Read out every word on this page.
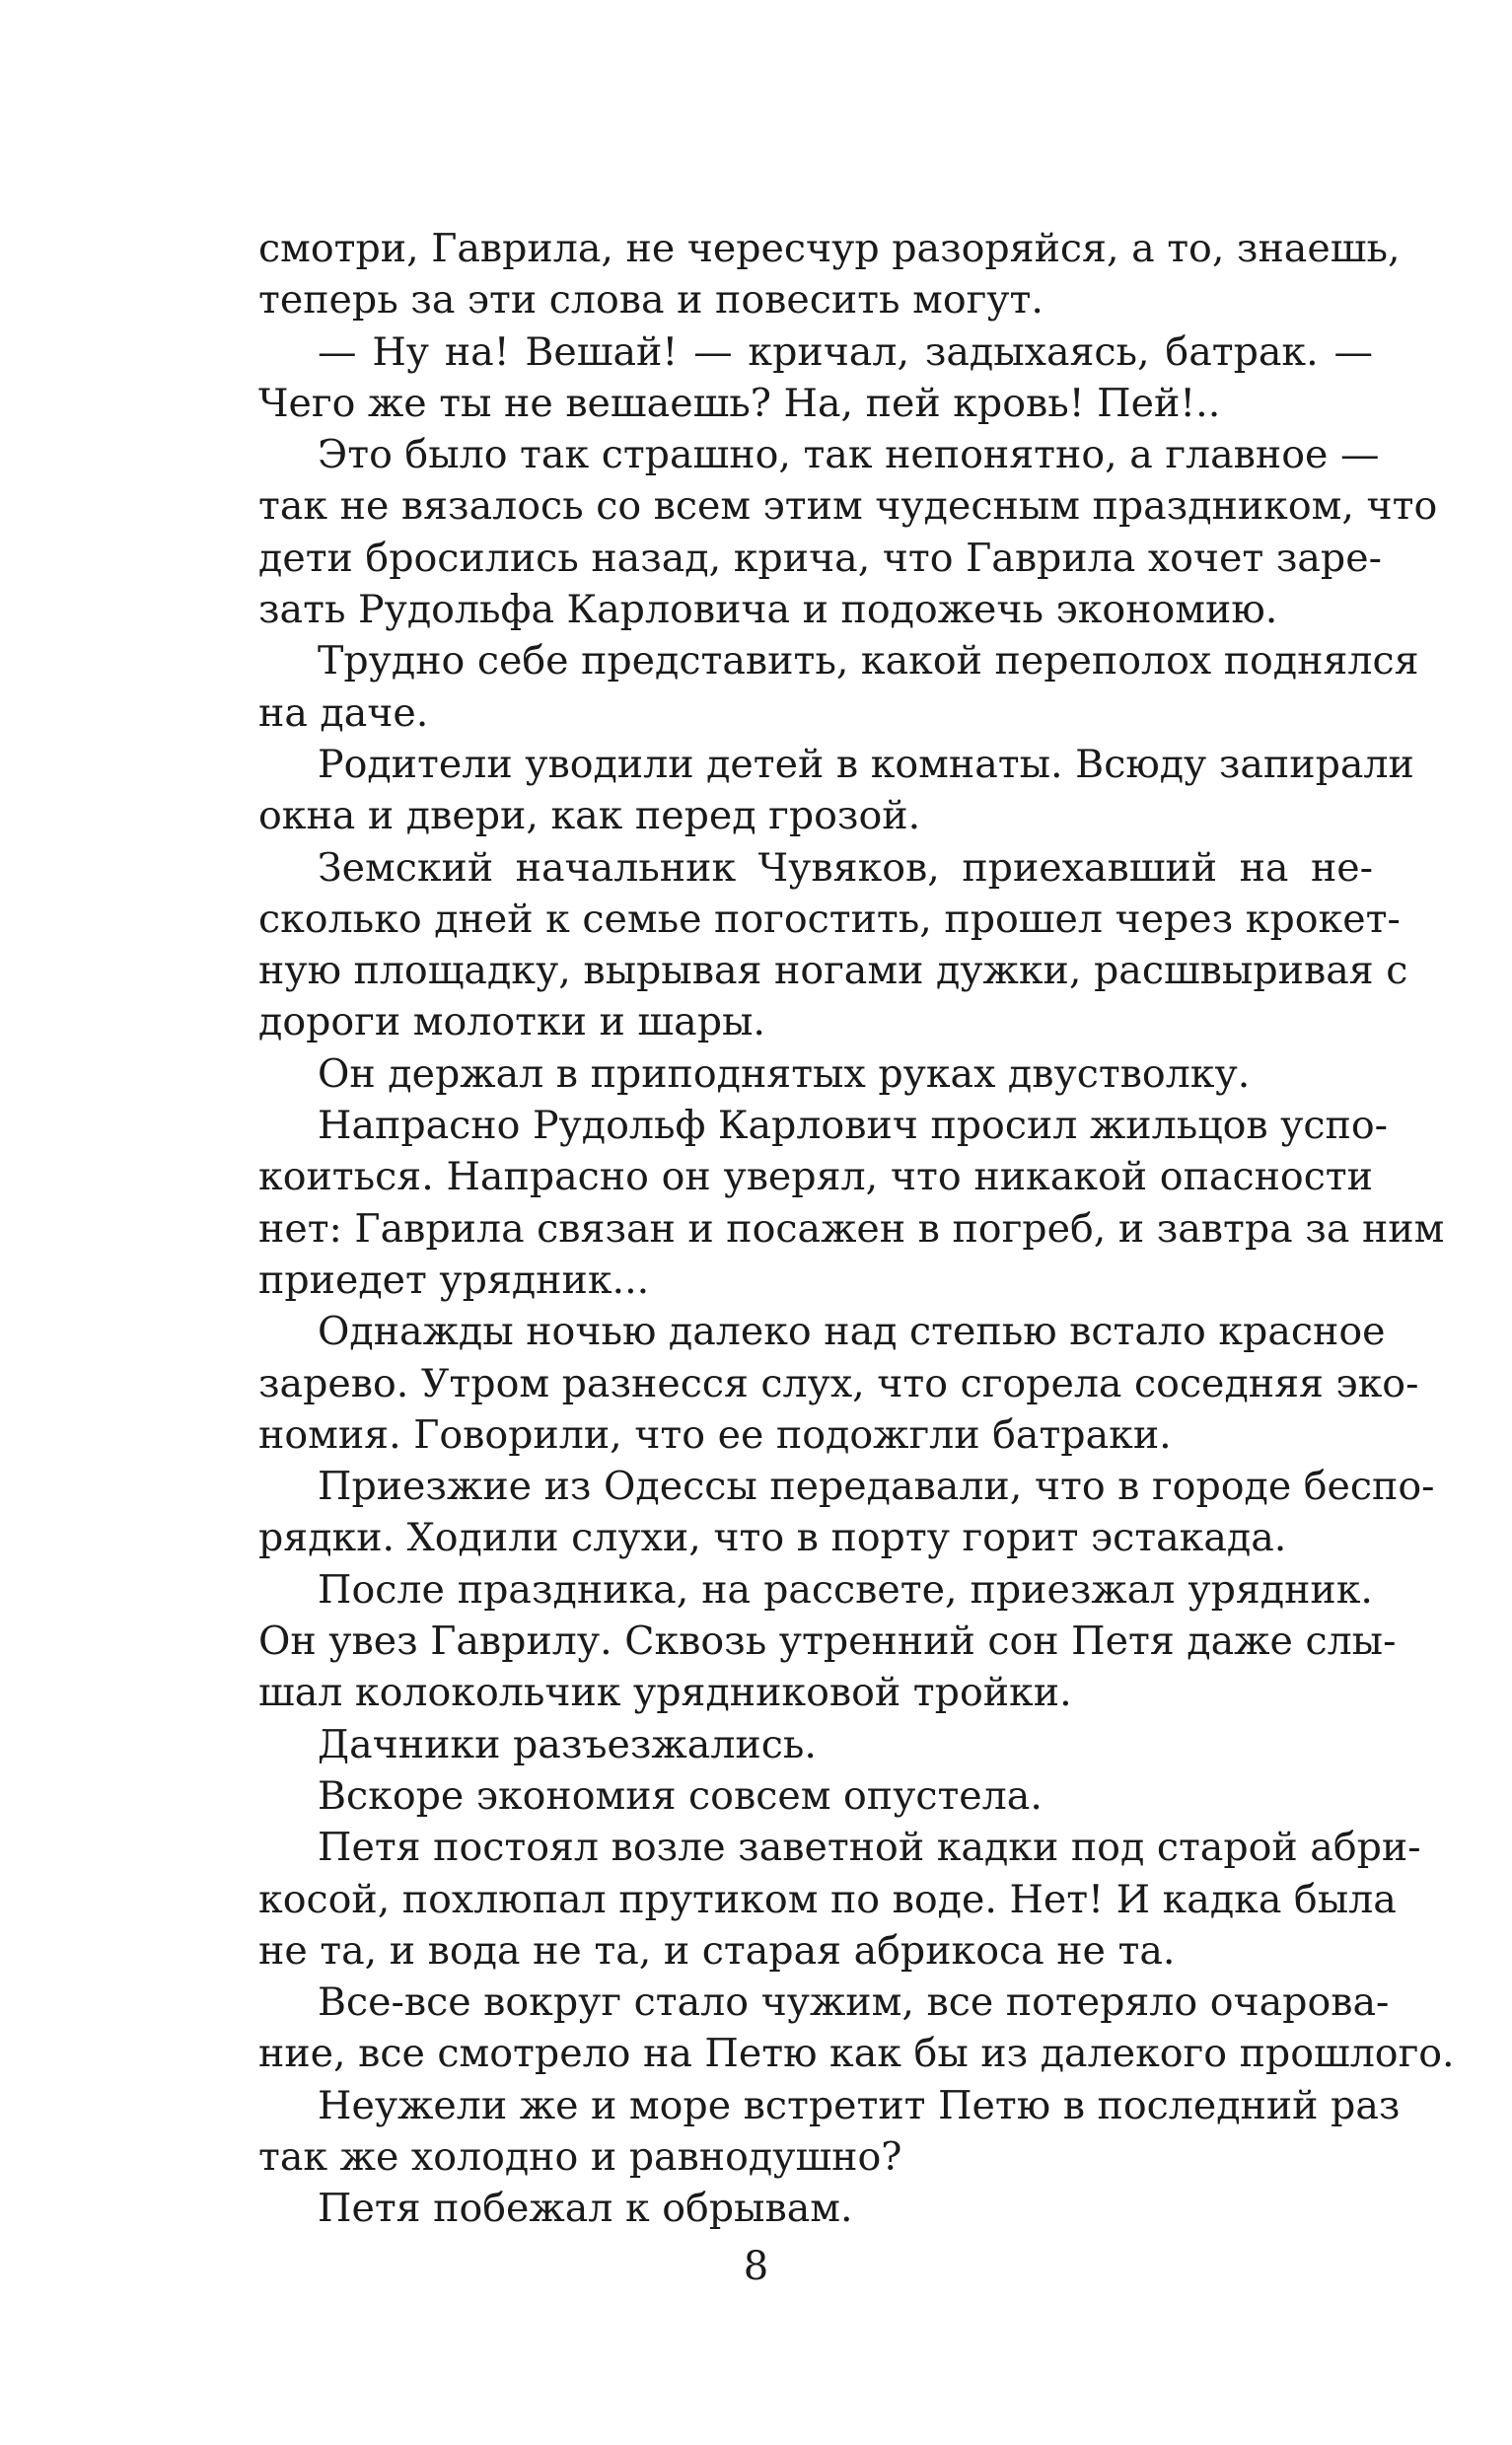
смотри, Гаврила, не чересчур разоряйся, а то, знаешь,
теперь за эти слова и повесить могут.
— Ну на! Вешай! — кричал, задыхаясь, батрак. —
Чего же ты не вешаешь? На, пей кровь! Пей!..
Это было так страшно, так непонятно, а главное —
так не вязалось со всем этим чудесным праздником, что
дети бросились назад, крича, что Гаврила хочет заре-
зать Рудольфа Карловича и подожечь экономию.
Трудно себе представить, какой переполох поднялся
на даче.
Родители уводили детей в комнаты. Всюду запирали
окна и двери, как перед грозой.
Земский начальник Чувяков, приехавший на не-
сколько дней к семье погостить, прошел через крокет-
ную площадку, вырывая ногами дужки, расшвыривая с
дороги молотки и шары.
Он держал в приподнятых руках двустволку.
Напрасно Рудольф Карлович просил жильцов успо-
коиться. Напрасно он уверял, что никакой опасности
нет: Гаврила связан и посажен в погреб, и завтра за ним
приедет урядник...
Однажды ночью далеко над степью встало красное
зарево. Утром разнесся слух, что сгорела соседняя эко-
номия. Говорили, что ее подожгли батраки.
Приезжие из Одессы передавали, что в городе беспо-
рядки. Ходили слухи, что в порту горит эстакада.
После праздника, на рассвете, приезжал урядник.
Он увез Гаврилу. Сквозь утренний сон Петя даже слы-
шал колокольчик урядниковой тройки.
Дачники разъезжались.
Вскоре экономия совсем опустела.
Петя постоял возле заветной кадки под старой абри-
косой, похлюпал прутиком по воде. Нет! И кадка была
не та, и вода не та, и старая абрикоса не та.
Все-все вокруг стало чужим, все потеряло очарова-
ние, все смотрело на Петю как бы из далекого прошлого.
Неужели же и море встретит Петю в последний раз
так же холодно и равнодушно?
Петя побежал к обрывам.
8
